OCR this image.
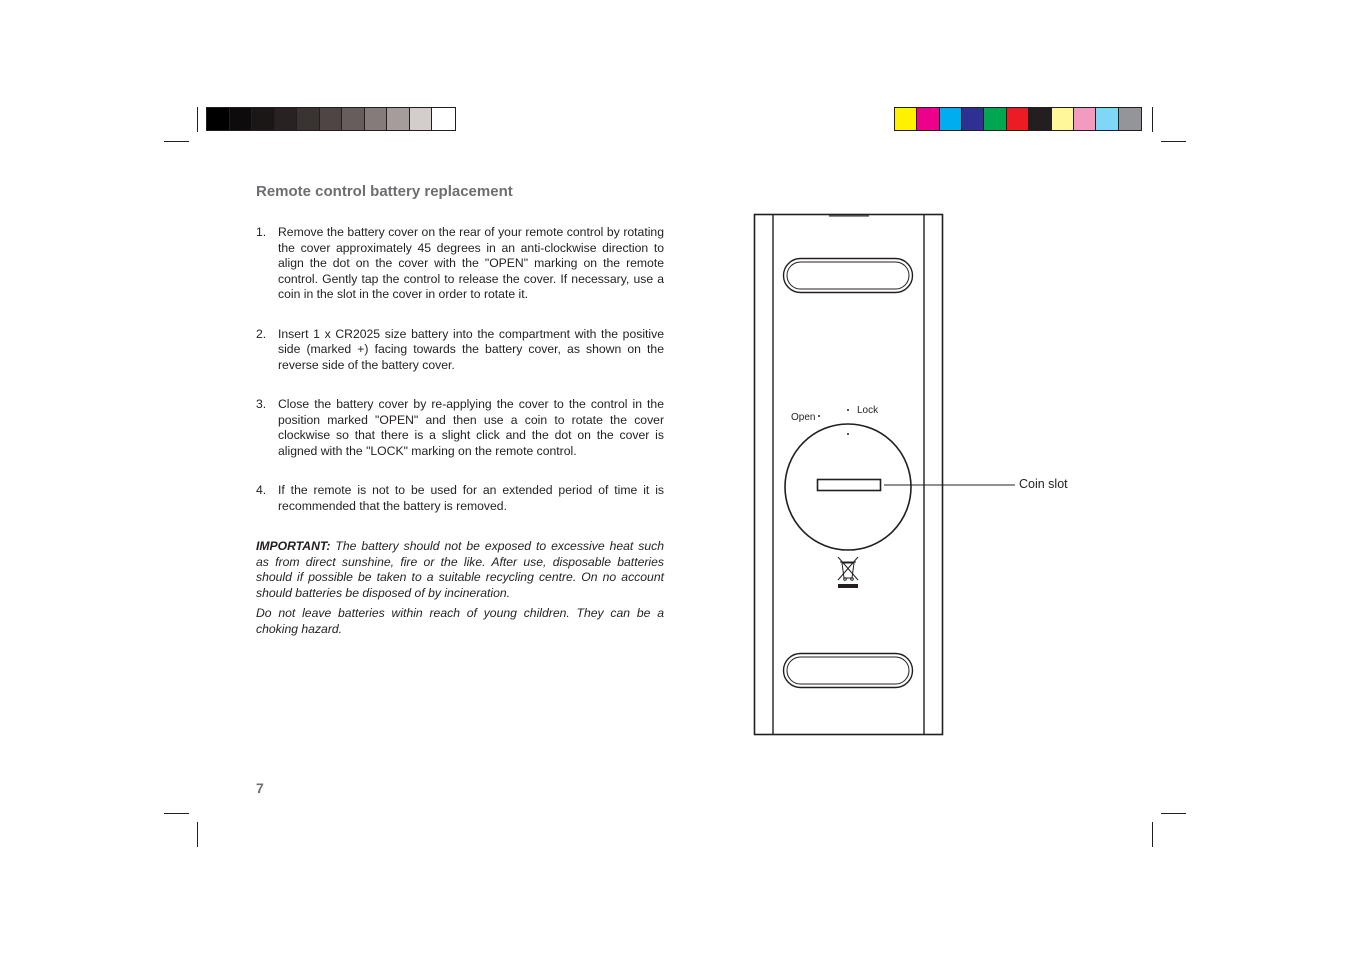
Remote control battery replacement
1. Remove the battery cover on the rear of your remote control by rotating the cover approximately 45 degrees in an anti-clockwise direction to align the dot on the cover with the "OPEN" marking on the remote control. Gently tap the control to release the cover. If necessary, use a coin in the slot in the cover in order to rotate it.
2. Insert 1 x CR2025 size battery into the compartment with the positive side (marked +) facing towards the battery cover, as shown on the reverse side of the battery cover.
3. Close the battery cover by re-applying the cover to the control in the position marked "OPEN" and then use a coin to rotate the cover clockwise so that there is a slight click and the dot on the cover is aligned with the "LOCK" marking on the remote control.
4. If the remote is not to be used for an extended period of time it is recommended that the battery is removed.

IMPORTANT: The battery should not be exposed to excessive heat such as from direct sunshine, fire or the like. After use, disposable batteries should if possible be taken to a suitable recycling centre. On no account should batteries be disposed of by incineration.

Do not leave batteries within reach of young children. They can be a choking hazard.

7
Open
Lock
Coin slot
